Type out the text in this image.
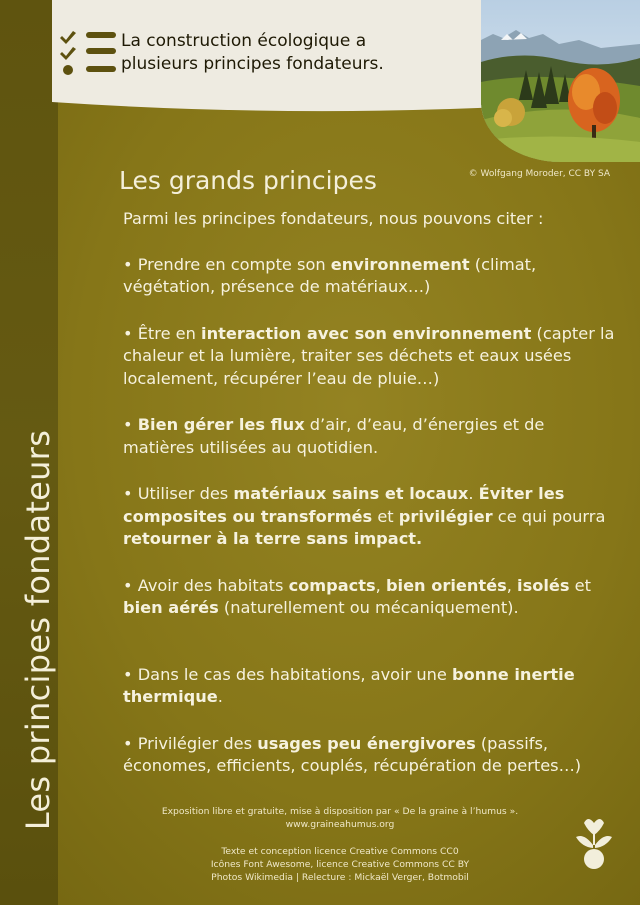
La construction écologique a
plusieurs principes fondateurs.
© Wolfgang Moroder, CC BY SA
Les principes fondateurs
Les grands principes

Parmi les principes fondateurs, nous pouvons citer :

• Prendre en compte son environnement (climat, végétation, présence de matériaux…)

• Être en interaction avec son environnement (capter la chaleur et la lumière, traiter ses déchets et eaux usées localement, récupérer l’eau de pluie…)

• Bien gérer les flux d’air, d’eau, d’énergies et de matières utilisées au quotidien.

• Utiliser des matériaux sains et locaux. Éviter les composites ou transformés et privilégier ce qui pourra retourner à la terre sans impact.

• Avoir des habitats compacts, bien orientés, isolés et bien aérés (naturellement ou mécaniquement).

• Dans le cas des habitations, avoir une bonne inertie thermique.

• Privilégier des usages peu énergivores (passifs, économes, efficients, couplés, récupération de pertes…)

Exposition libre et gratuite, mise à disposition par « De la graine à l’humus ».
www.graineahumus.org
Texte et conception licence Creative Commons CC0
Icônes Font Awesome, licence Creative Commons CC BY
Photos Wikimedia | Relecture : Mickaël Verger, Botmobil
